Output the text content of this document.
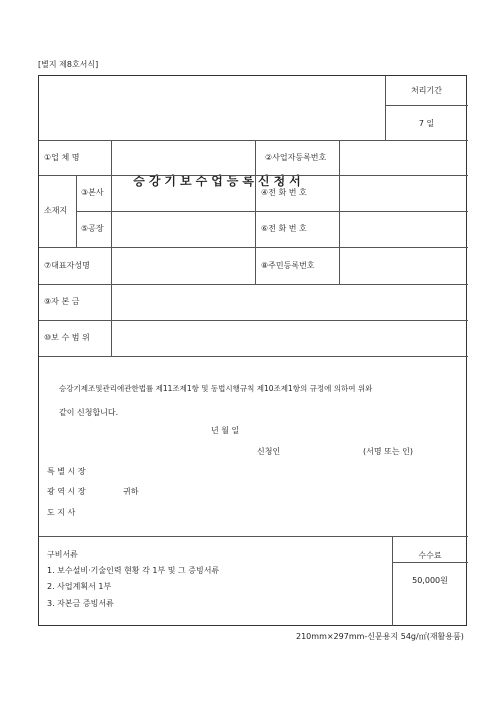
[별지 제8호서식]
승강기보수업등록신청서
처리기간
7 일
①업 체 명	②사업자등록번호
소재지
③본사	④전 화 번 호
⑤공장	⑥전 화 번 호
⑦대표자성명	⑧주민등록번호
⑨자 본 금
⑩보 수 범 위
승강기제조및관리에관한법률 제11조제1항 및 동법시행규칙 제10조제1항의 규정에 의하여 위와
같이 신청합니다.
년 월 일
신청인	(서명 또는 인)
특 별 시 장
광 역 시 장	귀하
도 지 사
구비서류
1. 보수설비·기술인력 현황 각 1부 및 그 증빙서류
2. 사업계획서 1부
3. 자본금 증빙서류
수수료
50,000원
210mm×297mm-신문용지 54g/㎡(재활용품)
